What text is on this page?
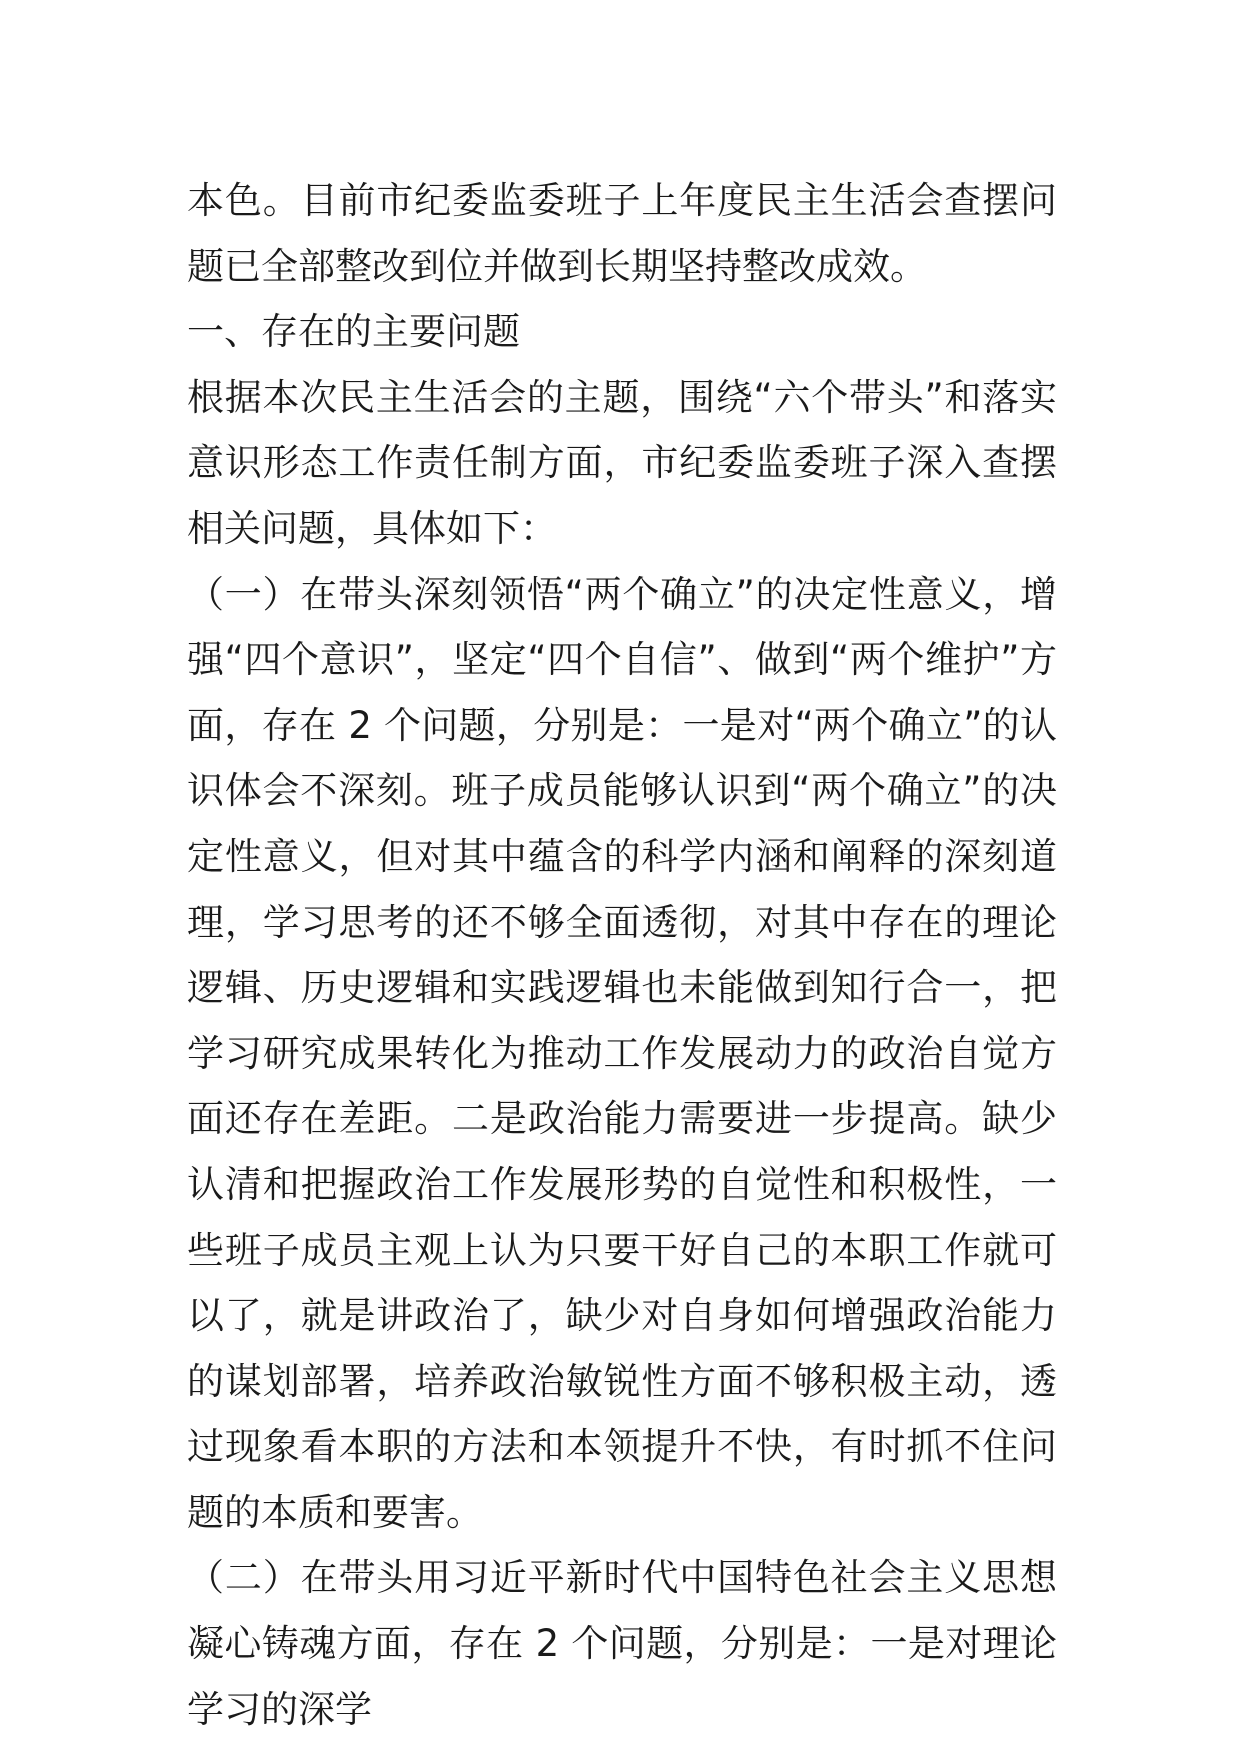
本色。目前市纪委监委班子上年度民主生活会查摆问题已全部整改到位并做到长期坚持整改成效。

一、存在的主要问题

根据本次民主生活会的主题，围绕“六个带头”和落实意识形态工作责任制方面，市纪委监委班子深入查摆相关问题，具体如下：

（一）在带头深刻领悟“两个确立”的决定性意义，增强“四个意识”，坚定“四个自信”、做到“两个维护”方面，存在 2 个问题，分别是：一是对“两个确立”的认识体会不深刻。班子成员能够认识到“两个确立”的决定性意义，但对其中蕴含的科学内涵和阐释的深刻道理，学习思考的还不够全面透彻，对其中存在的理论逻辑、历史逻辑和实践逻辑也未能做到知行合一，把学习研究成果转化为推动工作发展动力的政治自觉方面还存在差距。二是政治能力需要进一步提高。缺少认清和把握政治工作发展形势的自觉性和积极性，一些班子成员主观上认为只要干好自己的本职工作就可以了，就是讲政治了，缺少对自身如何增强政治能力的谋划部署，培养政治敏锐性方面不够积极主动，透过现象看本职的方法和本领提升不快，有时抓不住问题的本质和要害。

（二）在带头用习近平新时代中国特色社会主义思想凝心铸魂方面，存在 2 个问题，分别是：一是对理论学习的深学
